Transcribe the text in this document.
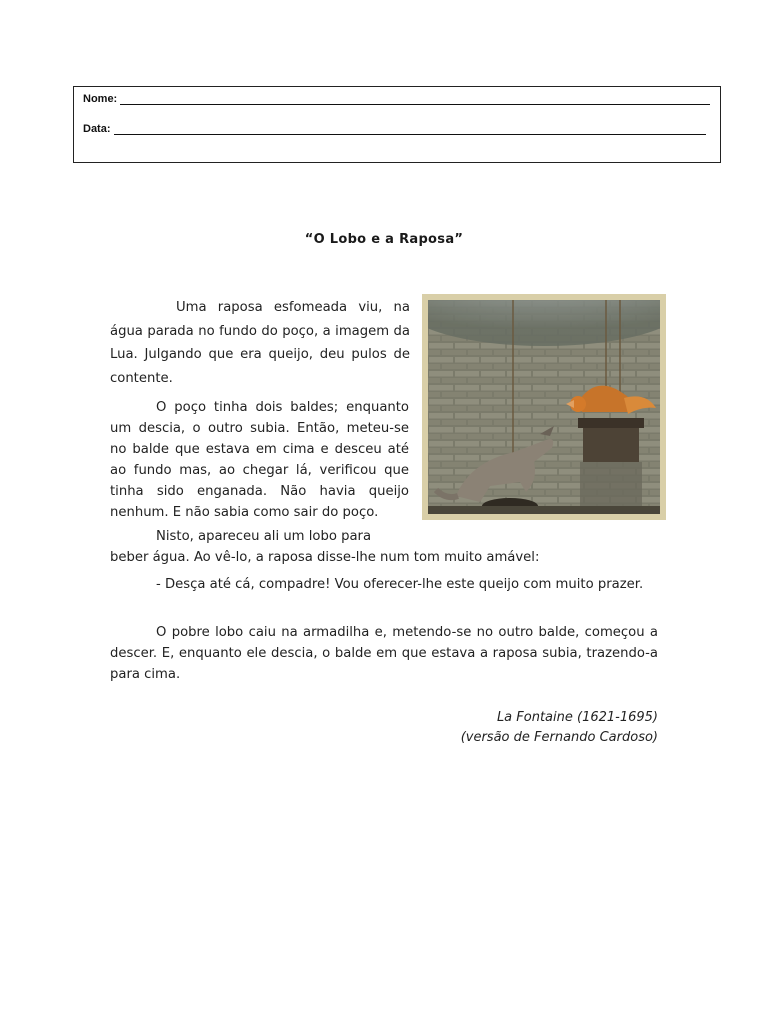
Nome:
Data:
“O Lobo e a Raposa”

Uma raposa esfomeada viu, na água parada no fundo do poço, a imagem da Lua. Julgando que era queijo, deu pulos de contente.

O poço tinha dois baldes; enquanto um descia, o outro subia. Então, meteu-se no balde que estava em cima e desceu até ao fundo mas, ao chegar lá, verificou que tinha sido enganada. Não havia queijo nenhum. E não sabia como sair do poço.

Nisto, apareceu ali um lobo para

beber água. Ao vê-lo, a raposa disse-lhe num tom muito amável:

- Desça até cá, compadre! Vou oferecer-lhe este queijo com muito prazer.

O pobre lobo caiu na armadilha e, metendo-se no outro balde, começou a descer. E, enquanto ele descia, o balde em que estava a raposa subia, trazendo-a para cima.

La Fontaine (1621-1695)
(versão de Fernando Cardoso)
